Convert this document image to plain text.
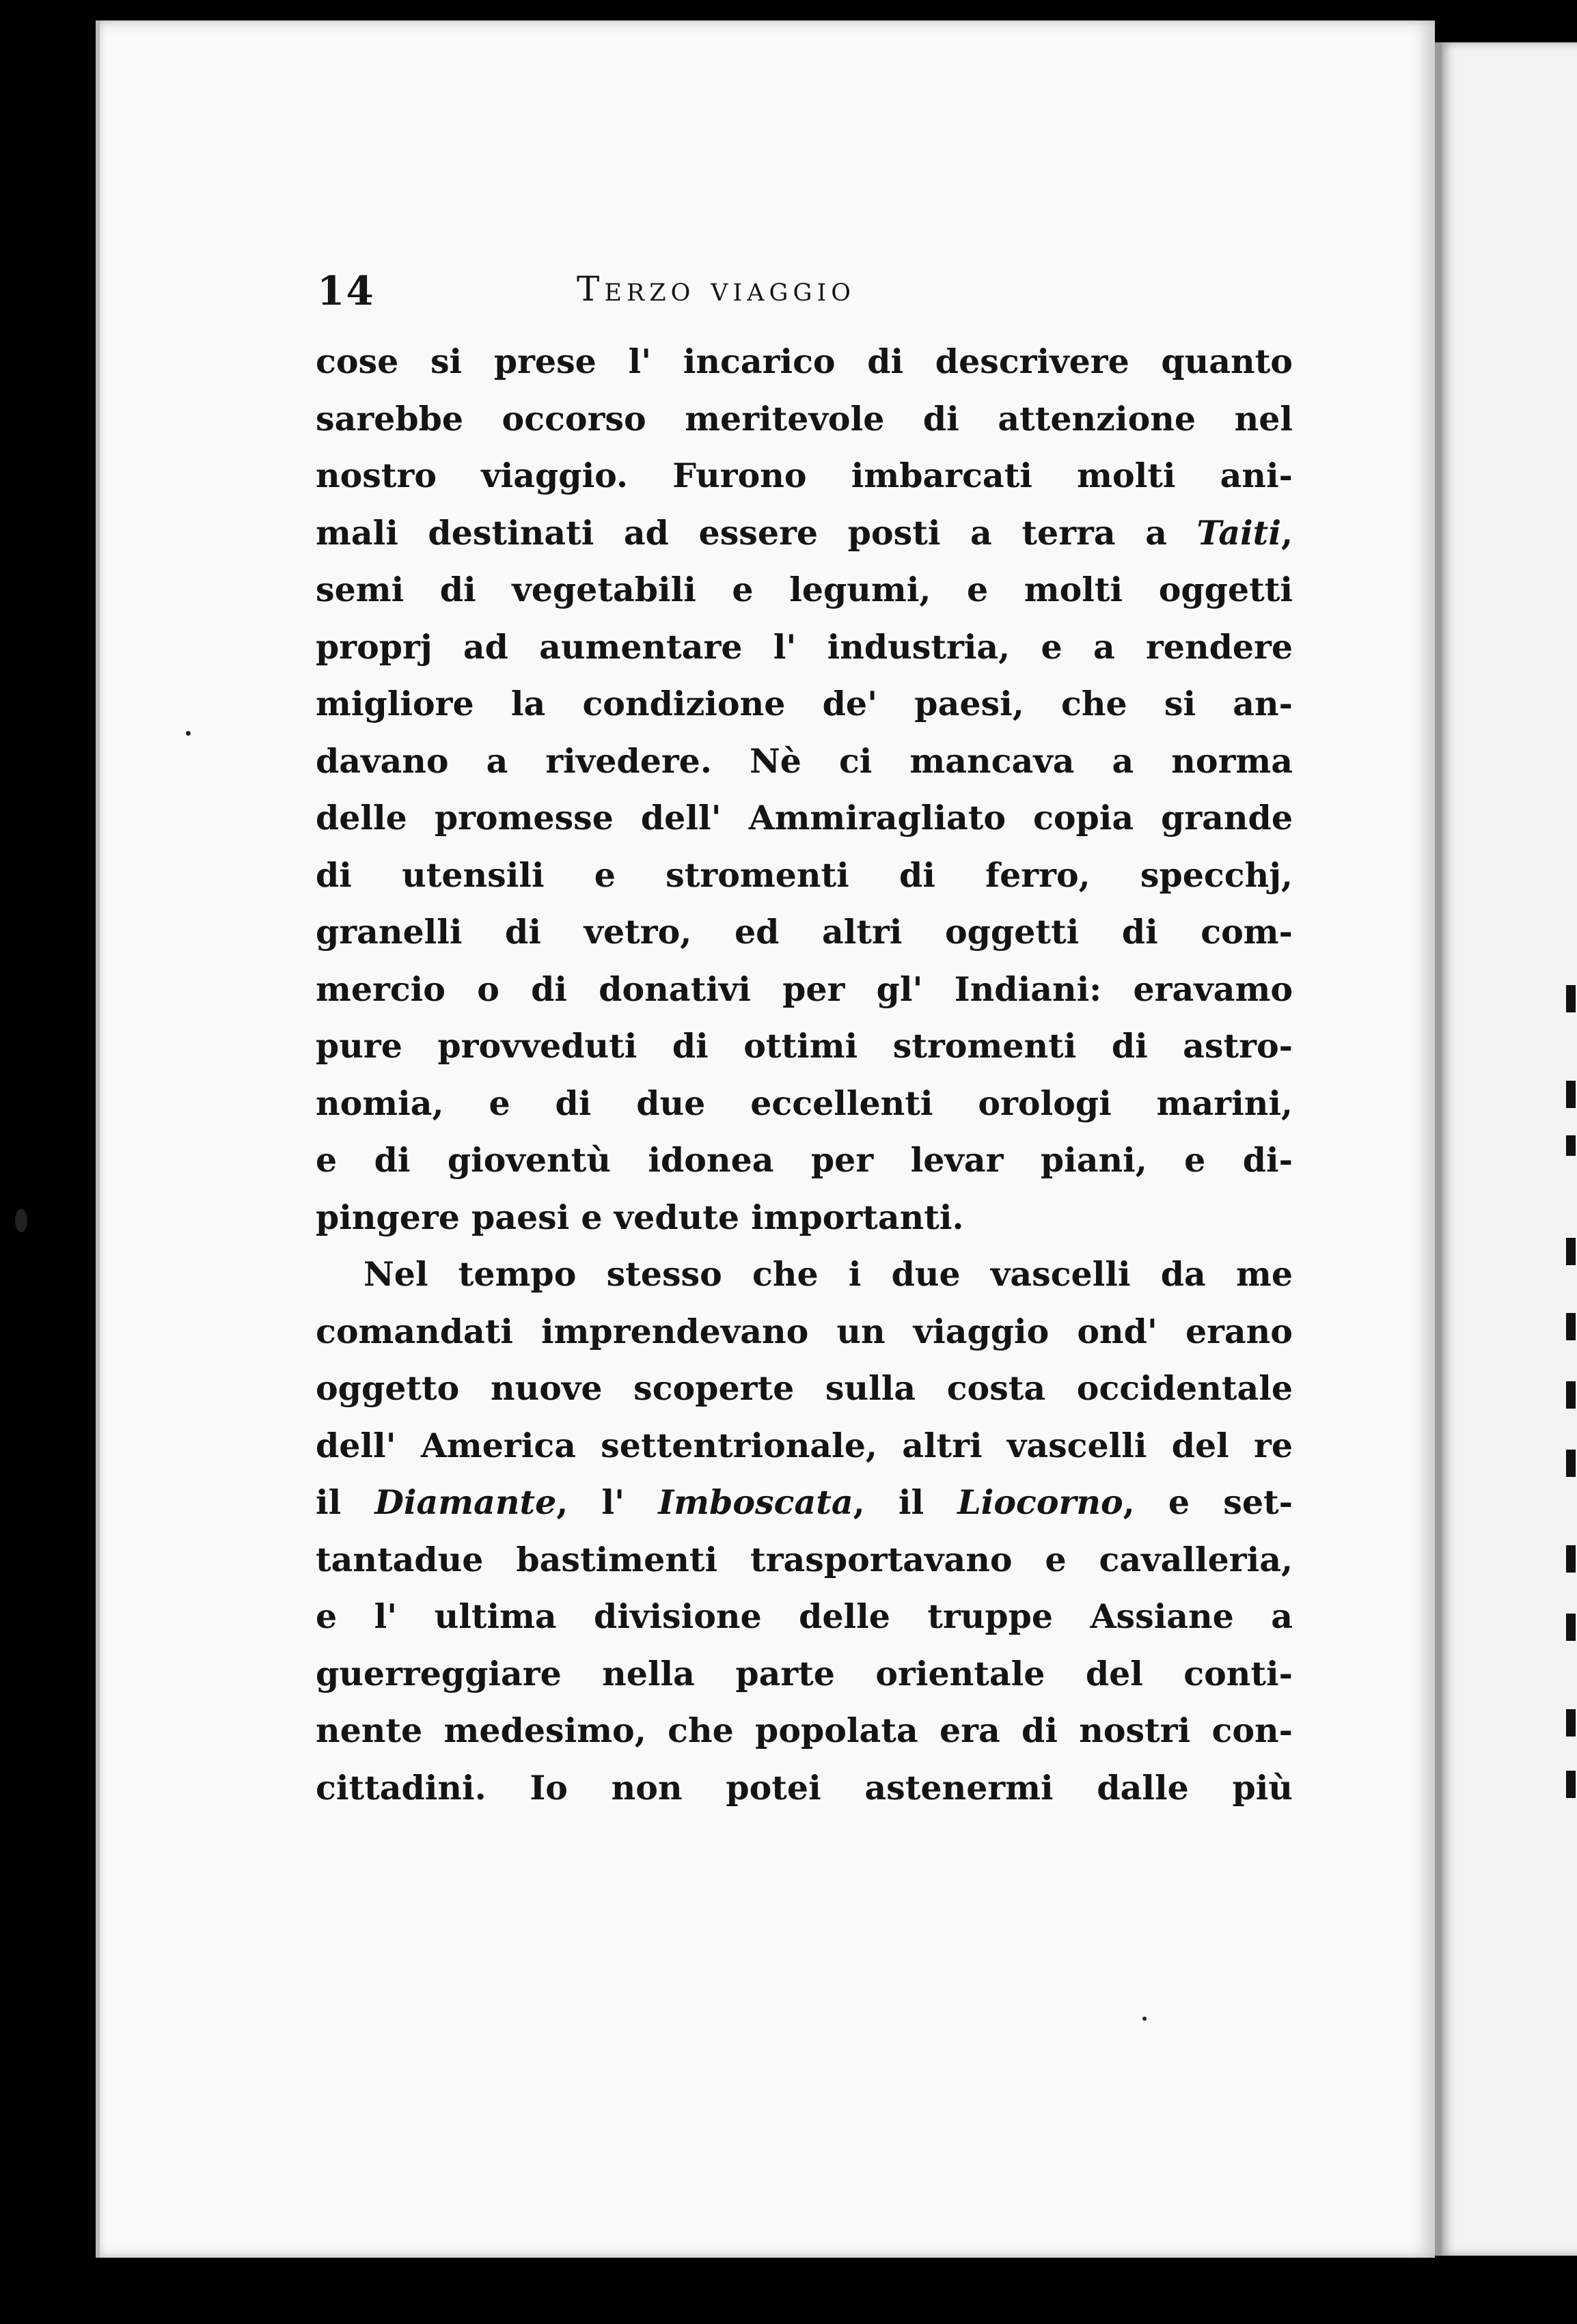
14	Terzo viaggio
cose si prese l' incarico di descrivere quanto
sarebbe occorso meritevole di attenzione nel
nostro viaggio. Furono imbarcati molti ani-
mali destinati ad essere posti a terra a Taiti,
semi di vegetabili e legumi, e molti oggetti
proprj ad aumentare l' industria, e a rendere
migliore la condizione de' paesi, che si an-
davano a rivedere. Nè ci mancava a norma
delle promesse dell' Ammiragliato copia grande
di utensili e stromenti di ferro, specchj,
granelli di vetro, ed altri oggetti di com-
mercio o di donativi per gl' Indiani: eravamo
pure provveduti di ottimi stromenti di astro-
nomia, e di due eccellenti orologi marini,
e di gioventù idonea per levar piani, e di-
pingere paesi e vedute importanti.
Nel tempo stesso che i due vascelli da me
comandati imprendevano un viaggio ond' erano
oggetto nuove scoperte sulla costa occidentale
dell' America settentrionale, altri vascelli del re
il Diamante, l' Imboscata, il Liocorno, e set-
tantadue bastimenti trasportavano e cavalleria,
e l' ultima divisione delle truppe Assiane a
guerreggiare nella parte orientale del conti-
nente medesimo, che popolata era di nostri con-
cittadini. Io non potei astenermi dalle più
